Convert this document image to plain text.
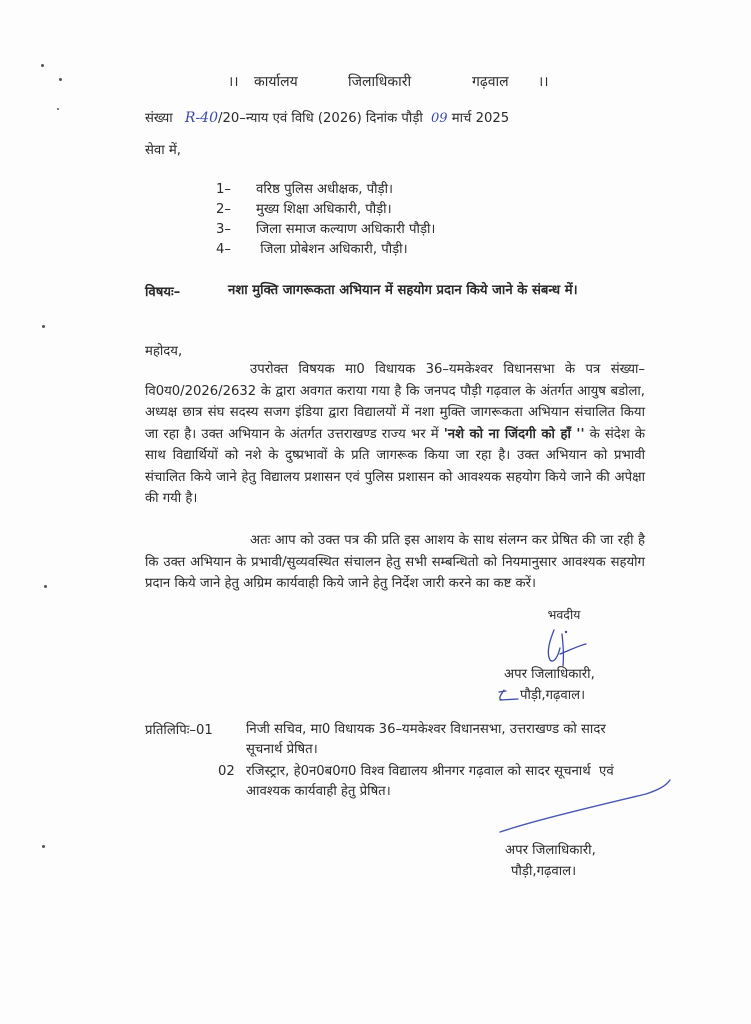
।।	कार्यालय	जिलाधिकारी	गढ़वाल	।।
संख्या R-40/20–न्याय एवं विधि (2026) दिनांक पौड़ी 09 मार्च 2025
सेवा में,
1– वरिष्ठ पुलिस अधीक्षक, पौड़ी।
2– मुख्य शिक्षा अधिकारी, पौड़ी।
3– जिला समाज कल्याण अधिकारी पौड़ी।
4– जिला प्रोबेशन अधिकारी, पौड़ी।
विषयः–	नशा मुक्ति जागरूकता अभियान में सहयोग प्रदान किये जाने के संबन्ध में।
महोदय,
उपरोक्त विषयक मा0 विधायक 36–यमकेश्वर विधानसभा के पत्र संख्या–वि0य0/2026/2632 के द्वारा अवगत कराया गया है कि जनपद पौड़ी गढ़वाल के अंतर्गत आयुष बडोला, अध्यक्ष छात्र संघ सदस्य सजग इंडिया द्वारा विद्यालयों में नशा मुक्ति जागरूकता अभियान संचालित किया जा रहा है। उक्त अभियान के अंतर्गत उत्तराखण्ड राज्य भर में 'नशे को ना जिंदगी को हॉं '' के संदेश के साथ विद्यार्थियों को नशे के दुष्प्रभावों के प्रति जागरूक किया जा रहा है। उक्त अभियान को प्रभावी संचालित किये जाने हेतु विद्यालय प्रशासन एवं पुलिस प्रशासन को आवश्यक सहयोग किये जाने की अपेक्षा की गयी है।
अतः आप को उक्त पत्र की प्रति इस आशय के साथ संलग्न कर प्रेषित की जा रही है कि उक्त अभियान के प्रभावी/सुव्यवस्थित संचालन हेतु सभी सम्बन्धितो को नियमानुसार आवश्यक सहयोग प्रदान किये जाने हेतु अग्रिम कार्यवाही किये जाने हेतु निर्देश जारी करने का कष्ट करें।
भवदीय
अपर जिलाधिकारी,
पौड़ी,गढ़वाल।
प्रतिलिपिः–01	निजी सचिव, मा0 विधायक 36–यमकेश्वर विधानसभा, उत्तराखण्ड को सादर सूचनार्थ प्रेषित।
02 रजिस्ट्रार, हे0न0ब0ग0 विश्व विद्यालय श्रीनगर गढ़वाल को सादर सूचनार्थ  एवं आवश्यक कार्यवाही हेतु प्रेषित।
अपर जिलाधिकारी,
पौड़ी,गढ़वाल।
